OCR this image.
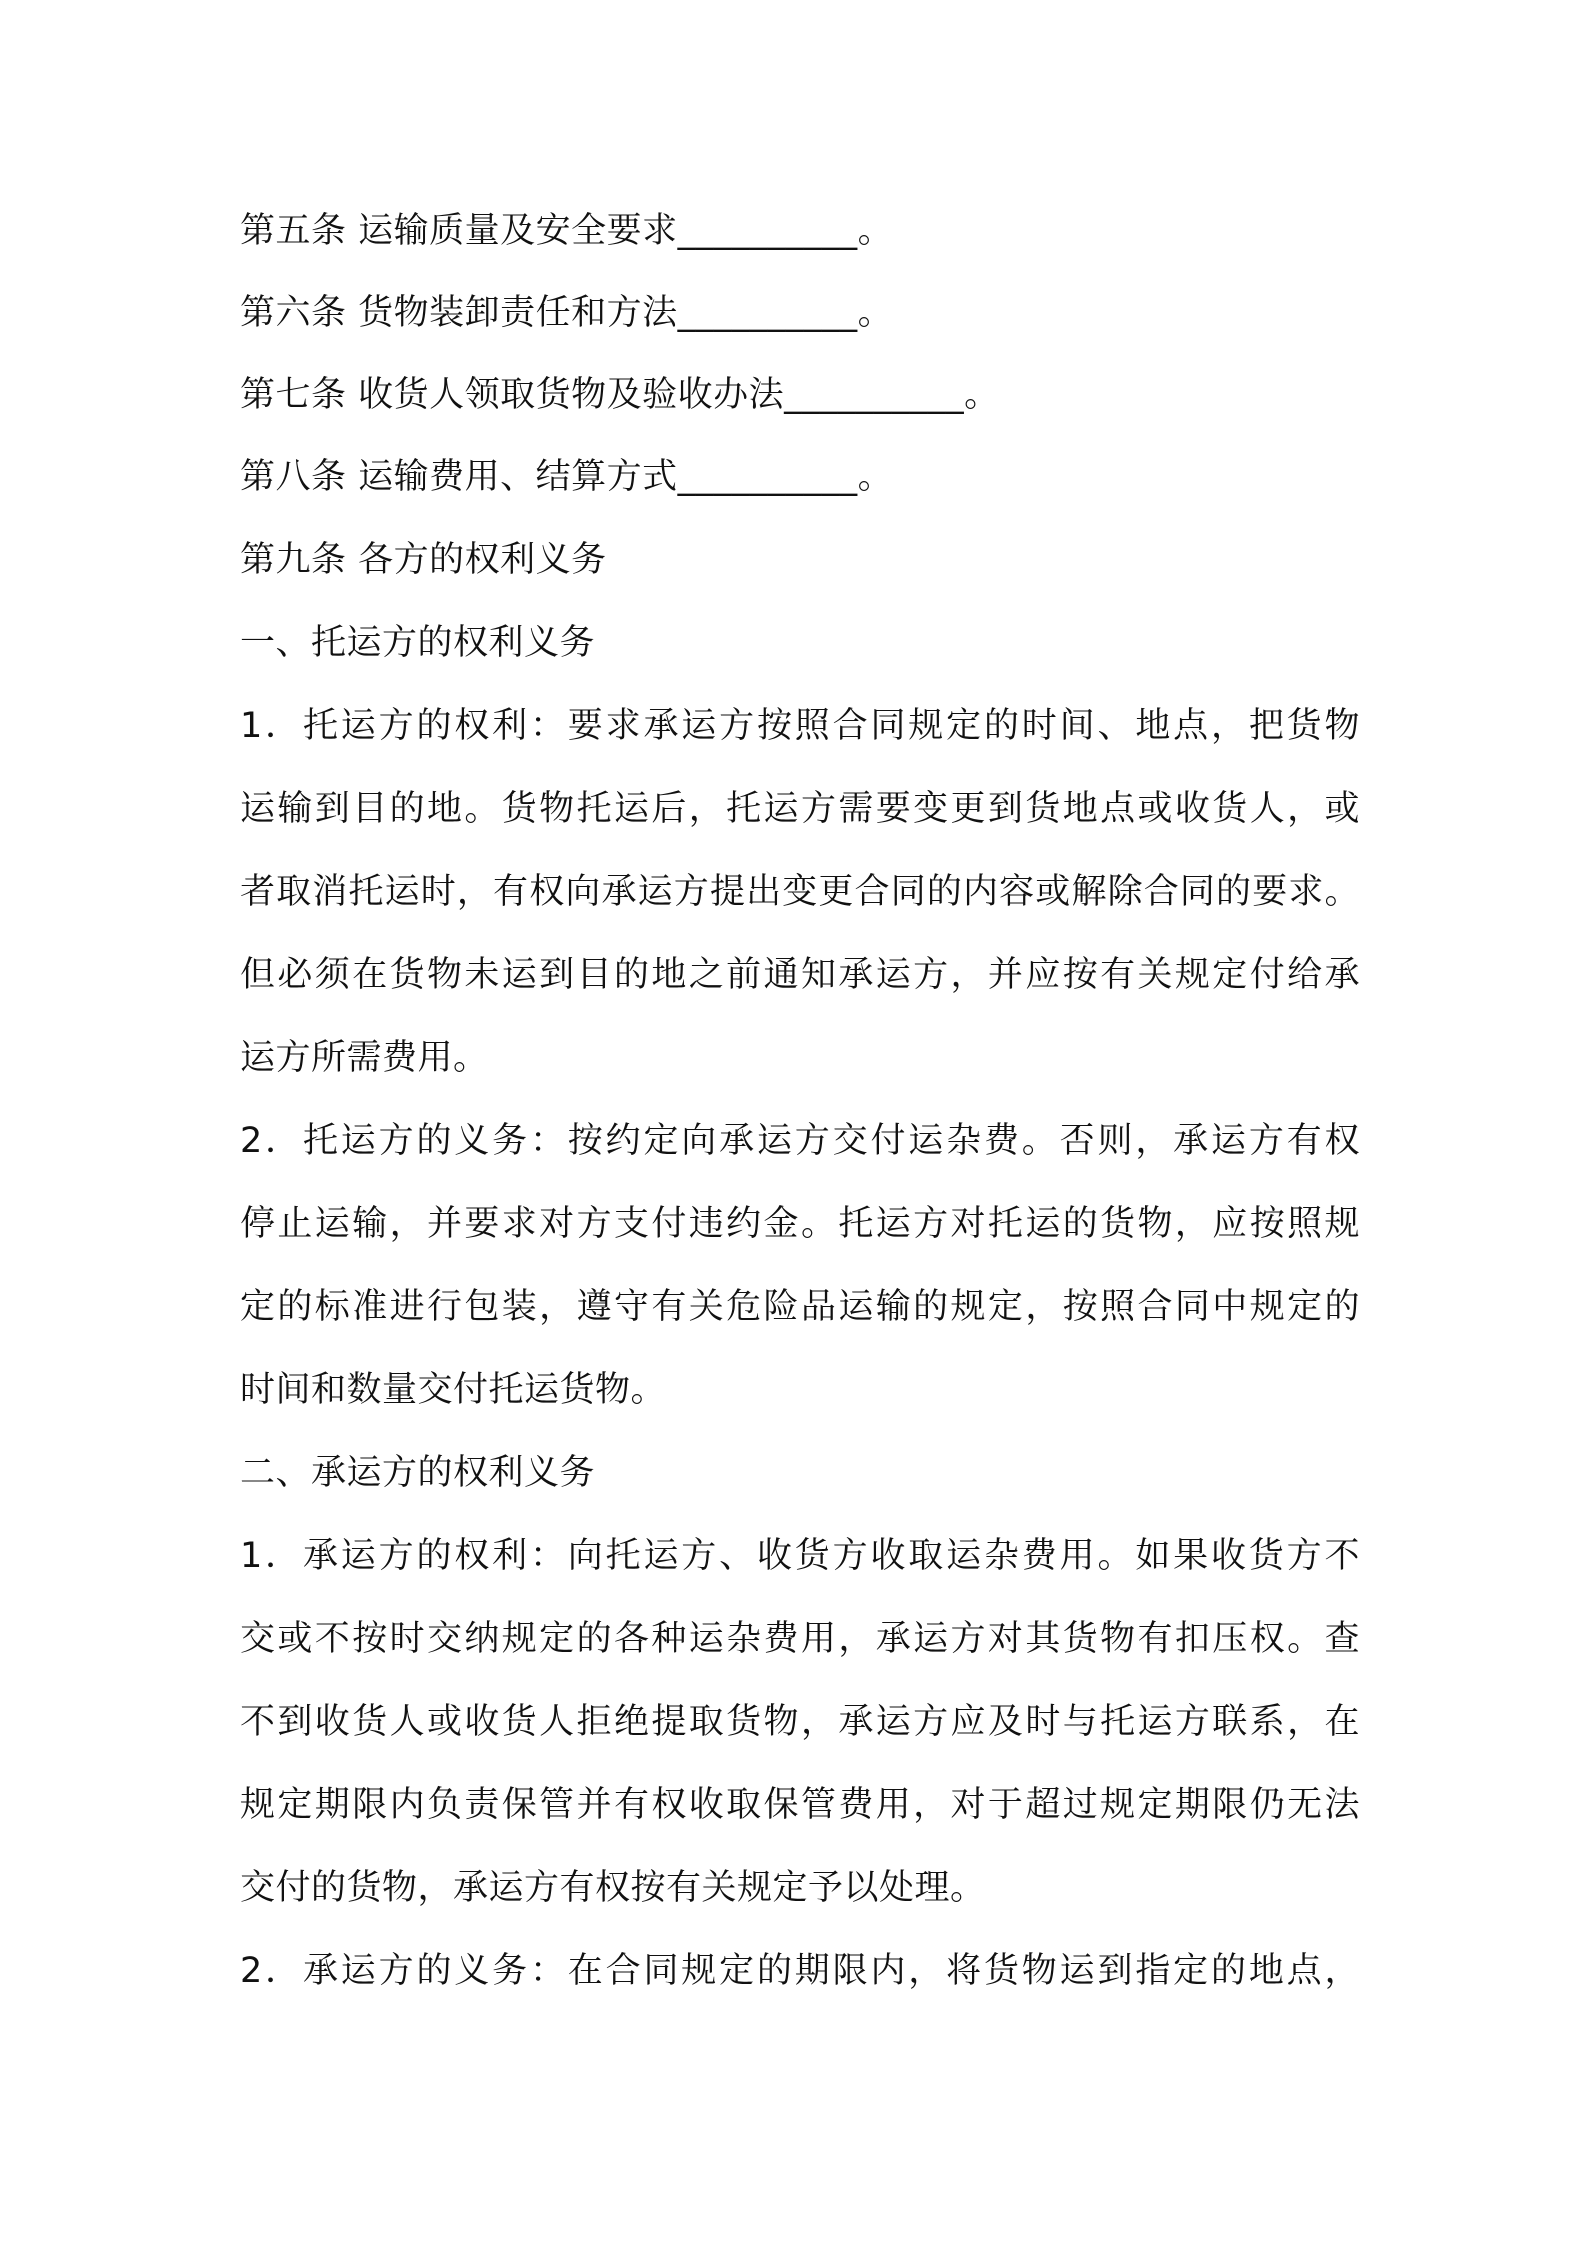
第五条 运输质量及安全要求__________。
第六条 货物装卸责任和方法__________。
第七条 收货人领取货物及验收办法__________。
第八条 运输费用、结算方式__________。
第九条 各方的权利义务
一、托运方的权利义务
1．托运方的权利：要求承运方按照合同规定的时间、地点，把货物
运输到目的地。货物托运后，托运方需要变更到货地点或收货人，或
者取消托运时，有权向承运方提出变更合同的内容或解除合同的要求。
但必须在货物未运到目的地之前通知承运方，并应按有关规定付给承
运方所需费用。
2．托运方的义务：按约定向承运方交付运杂费。否则，承运方有权
停止运输，并要求对方支付违约金。托运方对托运的货物，应按照规
定的标准进行包装，遵守有关危险品运输的规定，按照合同中规定的
时间和数量交付托运货物。
二、承运方的权利义务
1．承运方的权利：向托运方、收货方收取运杂费用。如果收货方不
交或不按时交纳规定的各种运杂费用，承运方对其货物有扣压权。查
不到收货人或收货人拒绝提取货物，承运方应及时与托运方联系，在
规定期限内负责保管并有权收取保管费用，对于超过规定期限仍无法
交付的货物，承运方有权按有关规定予以处理。
2．承运方的义务：在合同规定的期限内，将货物运到指定的地点，
